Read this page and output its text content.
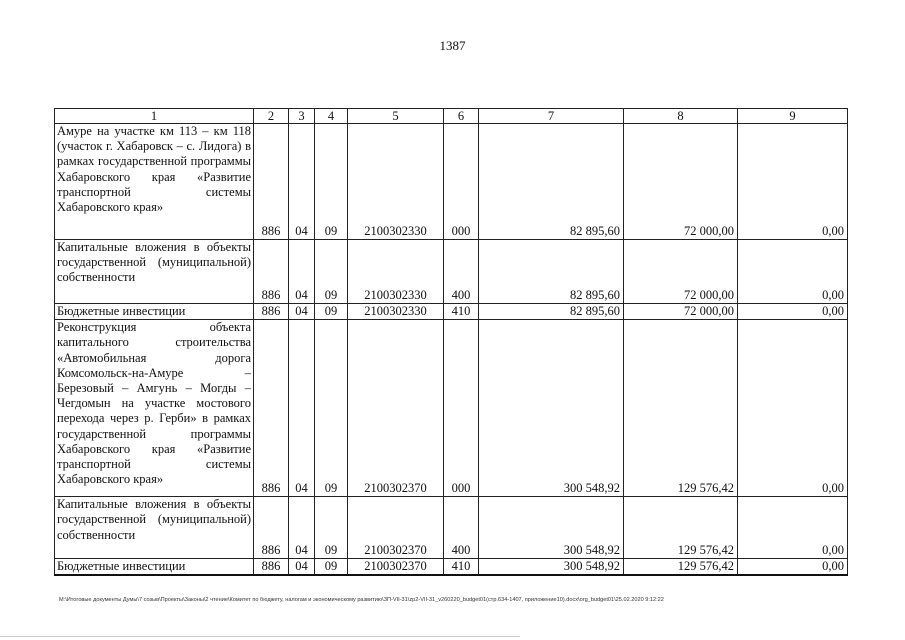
1387
1	2	3	4	5	6	7	8	9
Амуре на участке км 113 – км 118 (участок г. Хабаровск – с. Лидога) в рамках государственной программы Хабаровского края «Развитие транспортной системы Хабаровского края»	886	04	09	2100302330	000	82 895,60	72 000,00	0,00
Капитальные вложения в объекты государственной (муниципальной) собственности	886	04	09	2100302330	400	82 895,60	72 000,00	0,00
Бюджетные инвестиции	886	04	09	2100302330	410	82 895,60	72 000,00	0,00
Реконструкция объекта капитального строительства «Автомобильная дорога Комсомольск-на-Амуре – Березовый – Амгунь – Могды – Чегдомын на участке мостового перехода через р. Герби» в рамках государственной программы Хабаровского края «Развитие транспортной системы Хабаровского края»	886	04	09	2100302370	000	300 548,92	129 576,42	0,00
Капитальные вложения в объекты государственной (муниципальной) собственности	886	04	09	2100302370	400	300 548,92	129 576,42	0,00
Бюджетные инвестиции	886	04	09	2100302370	410	300 548,92	129 576,42	0,00
M:\Итоговые документы Думы\7 созыв\Проекты\Законы\2 чтение\Комитет по бюджету, налогам и экономическому развитию\ЗП-VII-31\zp2-VII-31_v260220_budget01(стр.634-1407, приложение10).docx\org_budget01\25.02.2020 9:12:22
